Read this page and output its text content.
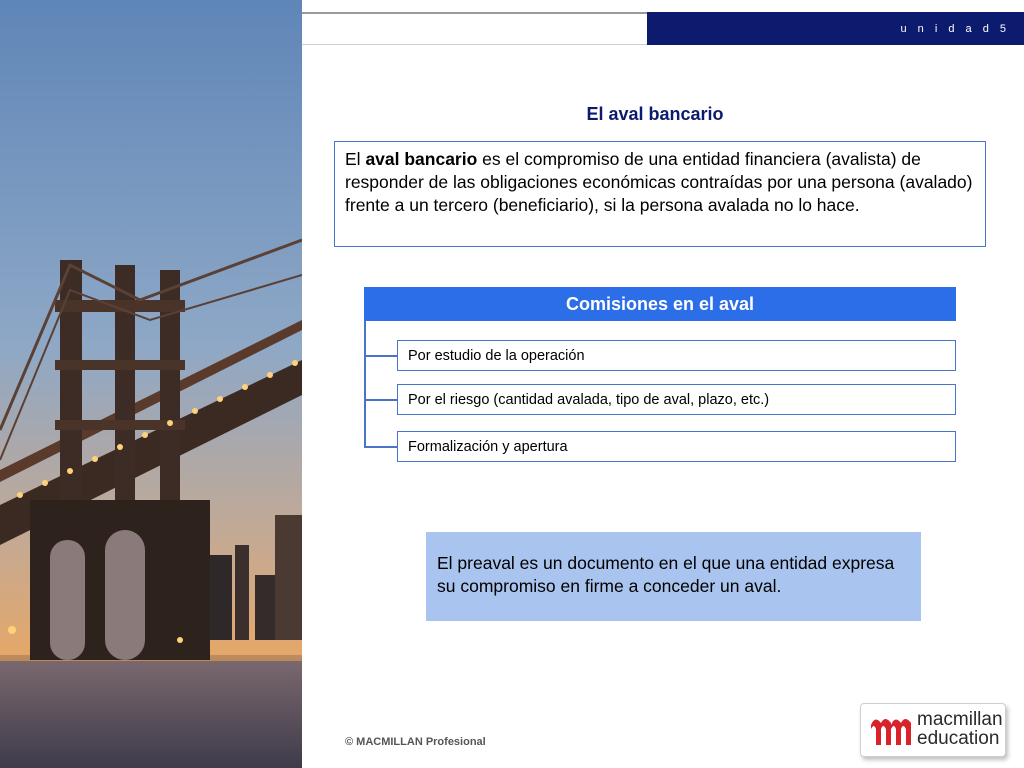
u n i d a d 5
El aval bancario
El aval bancario es el compromiso de una entidad financiera (avalista) de responder de las obligaciones económicas contraídas por una persona (avalado) frente a un tercero (beneficiario), si la persona avalada no lo hace.
Comisiones en el aval
Por estudio de la operación
Por el riesgo (cantidad avalada, tipo de aval, plazo, etc.)
Formalización y apertura
El preaval es un documento en el que una entidad expresa su compromiso en firme a conceder un aval.
© MACMILLAN Profesional
macmillan
education
